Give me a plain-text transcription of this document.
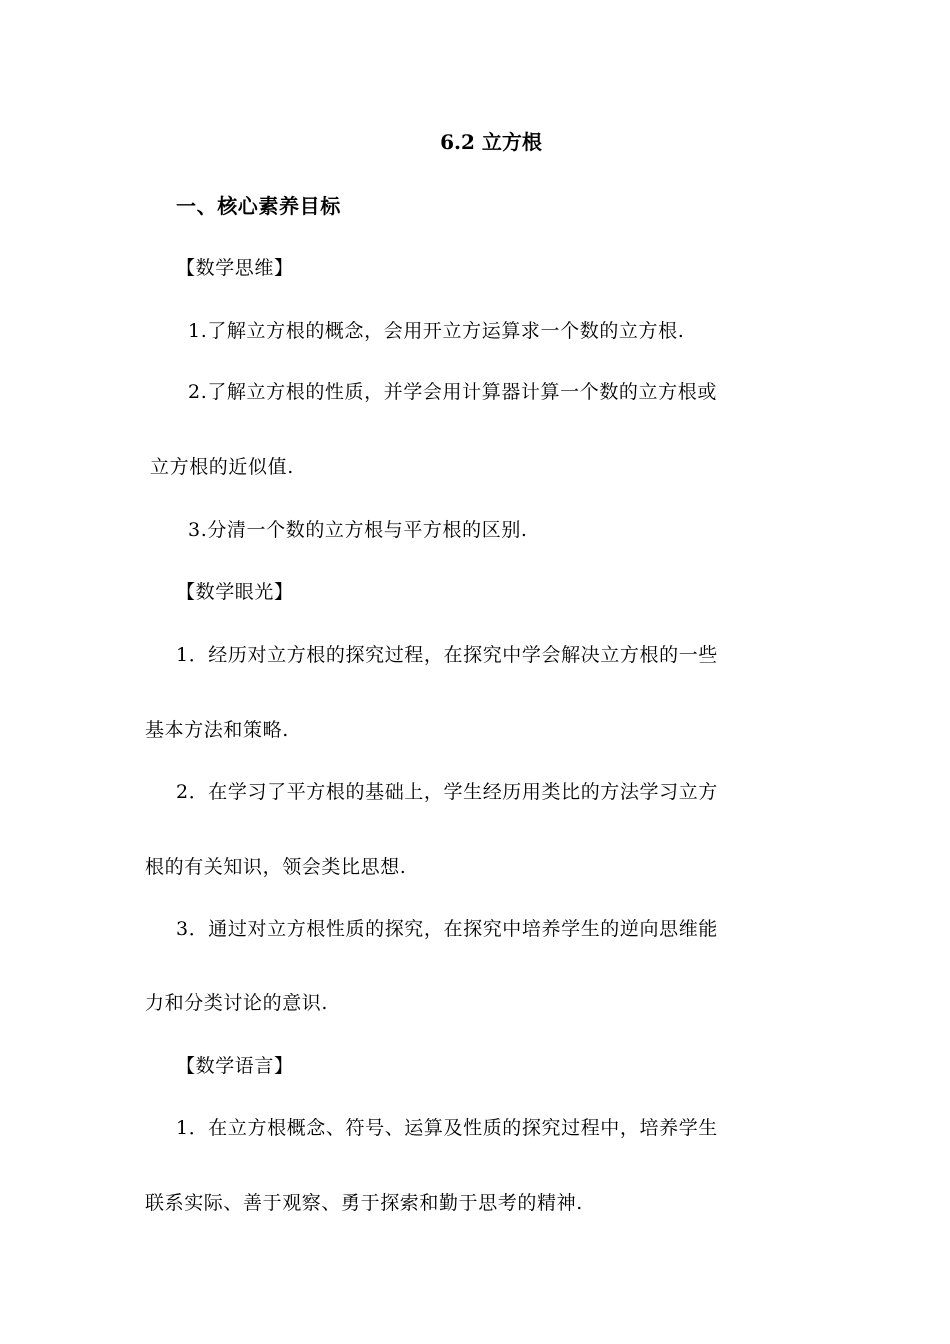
6.2 立方根
一、核心素养目标
【数学思维】
1.了解立方根的概念，会用开立方运算求一个数的立方根.
2.了解立方根的性质，并学会用计算器计算一个数的立方根或
立方根的近似值.
3.分清一个数的立方根与平方根的区别.
【数学眼光】
1．经历对立方根的探究过程，在探究中学会解决立方根的一些
基本方法和策略.
2．在学习了平方根的基础上，学生经历用类比的方法学习立方
根的有关知识，领会类比思想.
3．通过对立方根性质的探究，在探究中培养学生的逆向思维能
力和分类讨论的意识.
【数学语言】
1．在立方根概念、符号、运算及性质的探究过程中，培养学生
联系实际、善于观察、勇于探索和勤于思考的精神.
